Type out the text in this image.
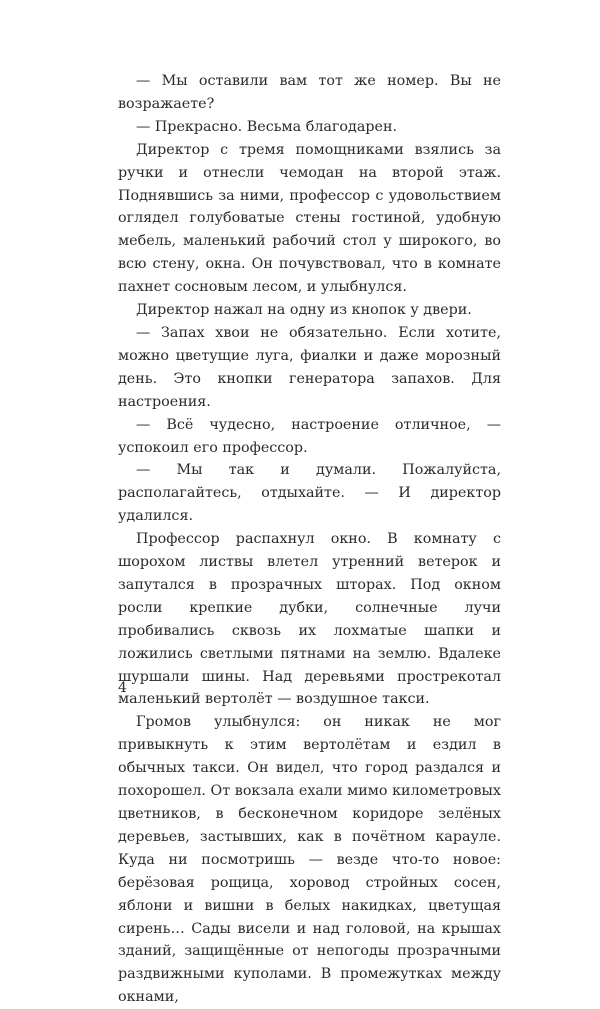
— Мы оставили вам тот же номер. Вы не возражаете?

— Прекрасно. Весьма благодарен.

Директор с тремя помощниками взялись за ручки и отнесли чемодан на второй этаж. Поднявшись за ними, профессор с удовольствием оглядел голубоватые стены гостиной, удобную мебель, маленький рабочий стол у широкого, во всю стену, окна. Он почувствовал, что в комнате пахнет сосновым лесом, и улыбнулся.

Директор нажал на одну из кнопок у двери.

— Запах хвои не обязательно. Если хотите, можно цветущие луга, фиалки и даже морозный день. Это кнопки генератора запахов. Для настроения.

— Всё чудесно, настроение отличное, — успокоил его профессор.

— Мы так и думали. Пожалуйста, располагайтесь, отдыхайте. — И директор удалился.

Профессор распахнул окно. В комнату с шорохом листвы влетел утренний ветерок и запутался в прозрачных шторах. Под окном росли крепкие дубки, солнечные лучи пробивались сквозь их лохматые шапки и ложились светлыми пятнами на землю. Вдалеке шуршали шины. Над деревьями прострекотал маленький вертолёт — воздушное такси.

Громов улыбнулся: он никак не мог привыкнуть к этим вертолётам и ездил в обычных такси. Он видел, что город раздался и похорошел. От вокзала ехали мимо километровых цветников, в бесконечном коридоре зелёных деревьев, застывших, как в почётном карауле. Куда ни посмотришь — везде что-то новое: берёзовая рощица, хоровод стройных сосен, яблони и вишни в белых накидках, цветущая сирень… Сады висели и над головой, на крышах зданий, защищённые от непогоды прозрачными раздвижными куполами. В промежутках между окнами,

4
